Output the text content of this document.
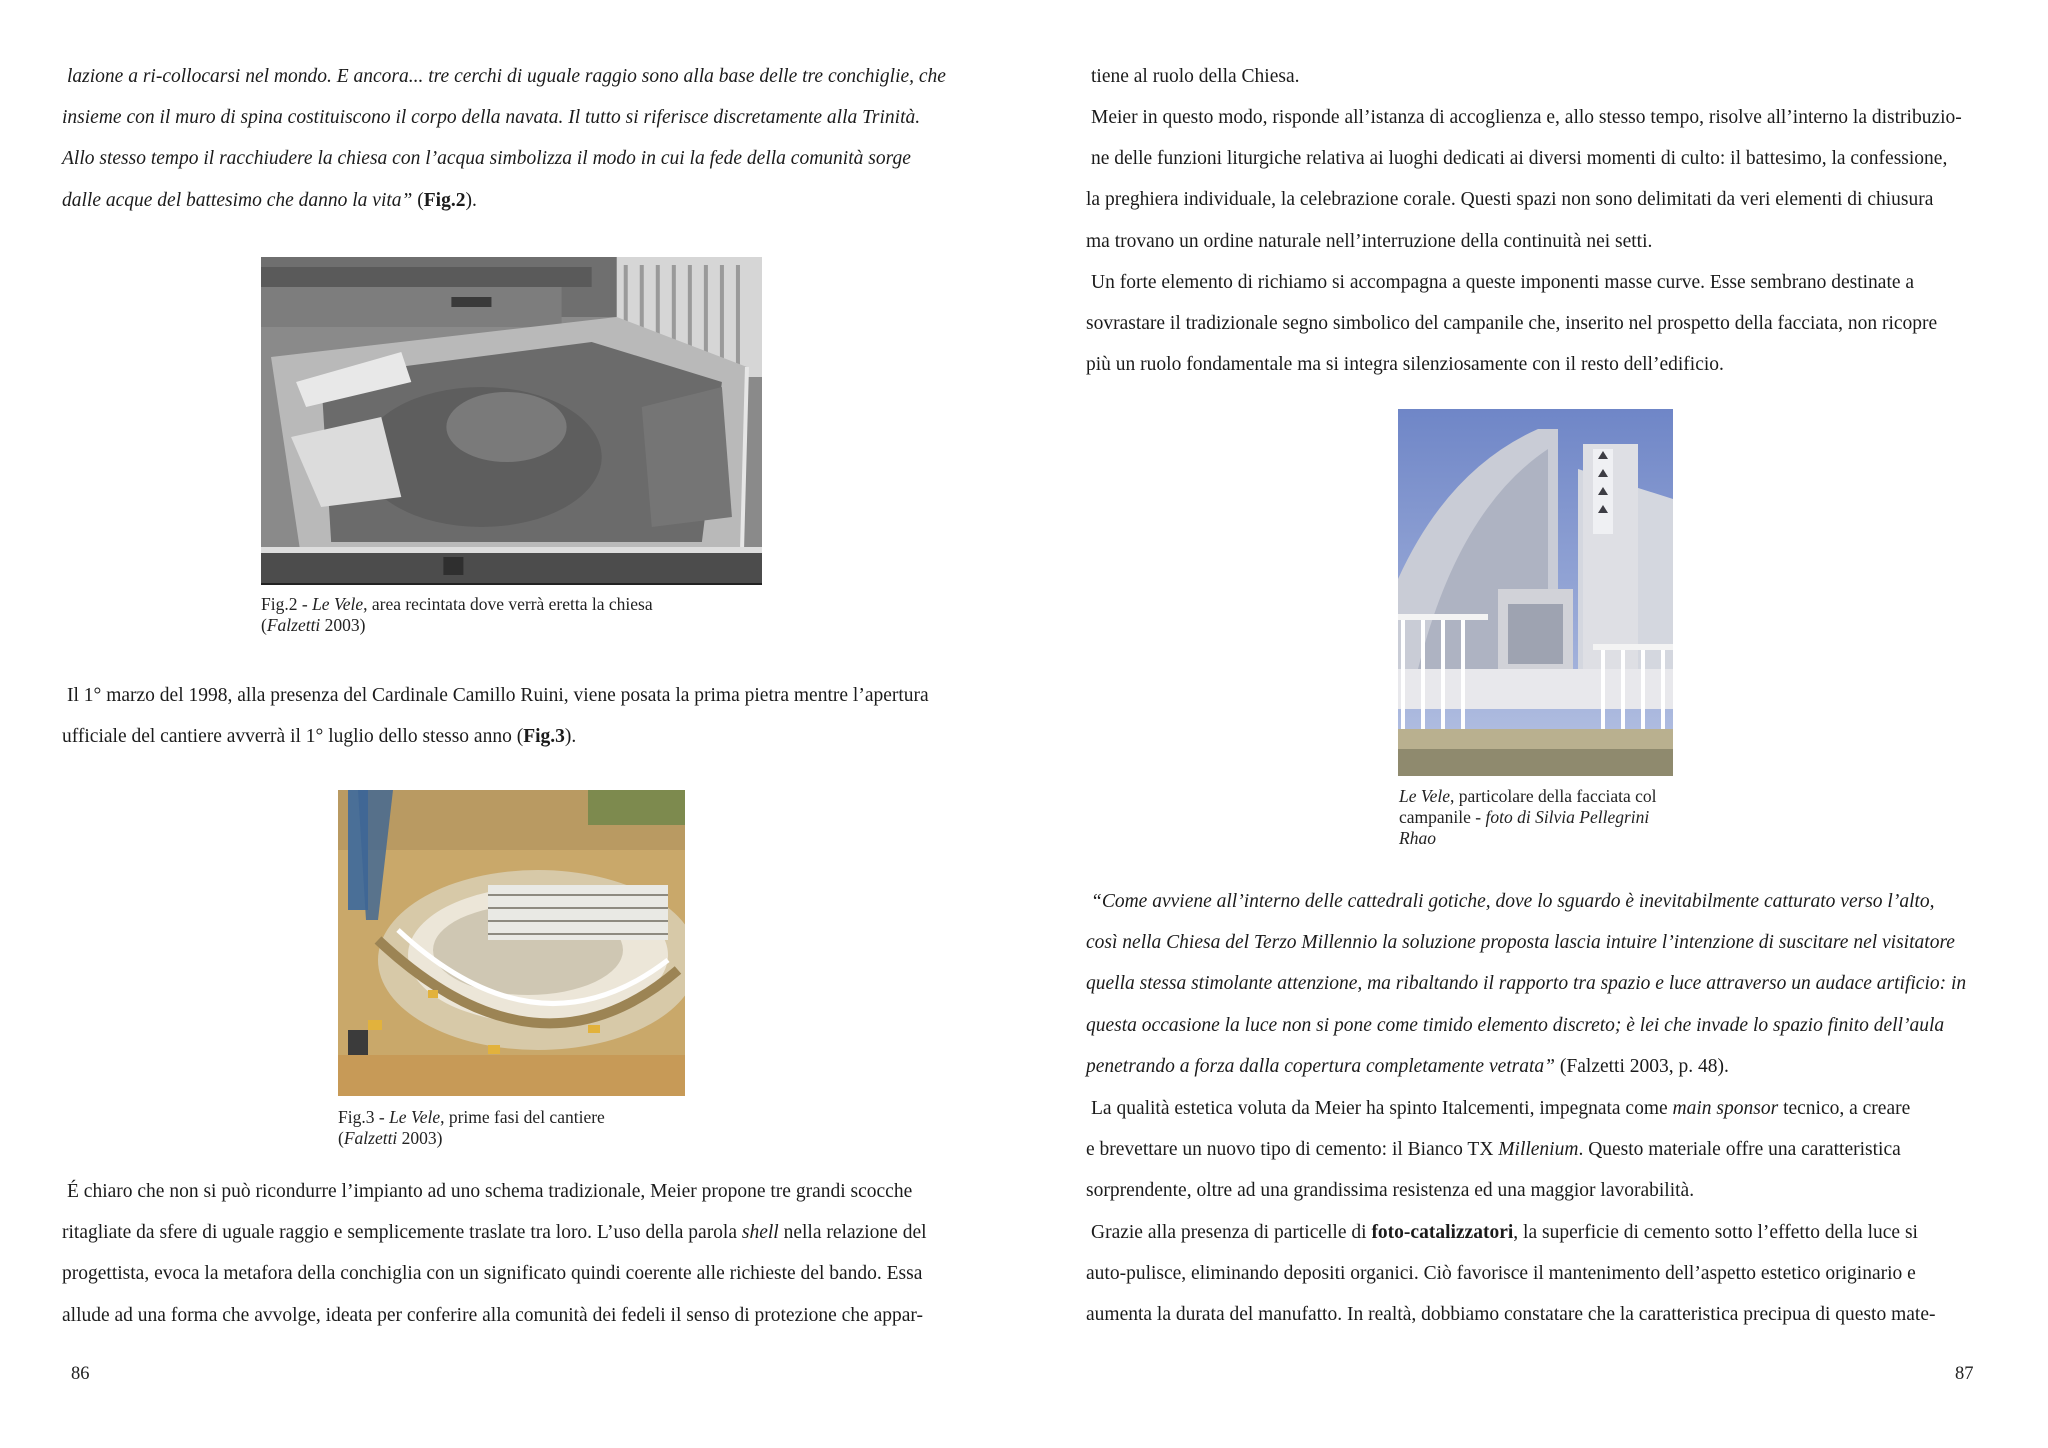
lazione a ri-collocarsi nel mondo. E ancora... tre cerchi di uguale raggio sono alla base delle tre conchiglie, che
insieme con il muro di spina costituiscono il corpo della navata. Il tutto si riferisce discretamente alla Trinità.
Allo stesso tempo il racchiudere la chiesa con l’acqua simbolizza il modo in cui la fede della comunità sorge
dalle acque del battesimo che danno la vita” (Fig.2).

Fig.2 - Le Vele, area recintata dove verrà eretta la chiesa
(Falzetti 2003)

Il 1° marzo del 1998, alla presenza del Cardinale Camillo Ruini, viene posata la prima pietra mentre l’apertura
ufficiale del cantiere avverrà il 1° luglio dello stesso anno (Fig.3).

Fig.3 - Le Vele, prime fasi del cantiere
(Falzetti 2003)

É chiaro che non si può ricondurre l’impianto ad uno schema tradizionale, Meier propone tre grandi scocche
ritagliate da sfere di uguale raggio e semplicemente traslate tra loro. L’uso della parola shell nella relazione del
progettista, evoca la metafora della conchiglia con un significato quindi coerente alle richieste del bando. Essa
allude ad una forma che avvolge, ideata per conferire alla comunità dei fedeli il senso di protezione che appar-

86

tiene al ruolo della Chiesa.

Meier in questo modo, risponde all’istanza di accoglienza e, allo stesso tempo, risolve all’interno la distribuzio-
ne delle funzioni liturgiche relativa ai luoghi dedicati ai diversi momenti di culto: il battesimo, la confessione,
la preghiera individuale, la celebrazione corale. Questi spazi non sono delimitati da veri elementi di chiusura
ma trovano un ordine naturale nell’interruzione della continuità nei setti.

Un forte elemento di richiamo si accompagna a queste imponenti masse curve. Esse sembrano destinate a
sovrastare il tradizionale segno simbolico del campanile che, inserito nel prospetto della facciata, non ricopre
più un ruolo fondamentale ma si integra silenziosamente con il resto dell’edificio.

Le Vele, particolare della facciata col
campanile - foto di Silvia Pellegrini
Rhao

“Come avviene all’interno delle cattedrali gotiche, dove lo sguardo è inevitabilmente catturato verso l’alto,
così nella Chiesa del Terzo Millennio la soluzione proposta lascia intuire l’intenzione di suscitare nel visitatore
quella stessa stimolante attenzione, ma ribaltando il rapporto tra spazio e luce attraverso un audace artificio: in
questa occasione la luce non si pone come timido elemento discreto; è lei che invade lo spazio finito dell’aula
penetrando a forza dalla copertura completamente vetrata” (Falzetti 2003, p. 48).

La qualità estetica voluta da Meier ha spinto Italcementi, impegnata come main sponsor tecnico, a creare
e brevettare un nuovo tipo di cemento: il Bianco TX Millenium. Questo materiale offre una caratteristica
sorprendente, oltre ad una grandissima resistenza ed una maggior lavorabilità.

Grazie alla presenza di particelle di foto-catalizzatori, la superficie di cemento sotto l’effetto della luce si
auto-pulisce, eliminando depositi organici. Ciò favorisce il mantenimento dell’aspetto estetico originario e
aumenta la durata del manufatto. In realtà, dobbiamo constatare che la caratteristica precipua di questo mate-

87
